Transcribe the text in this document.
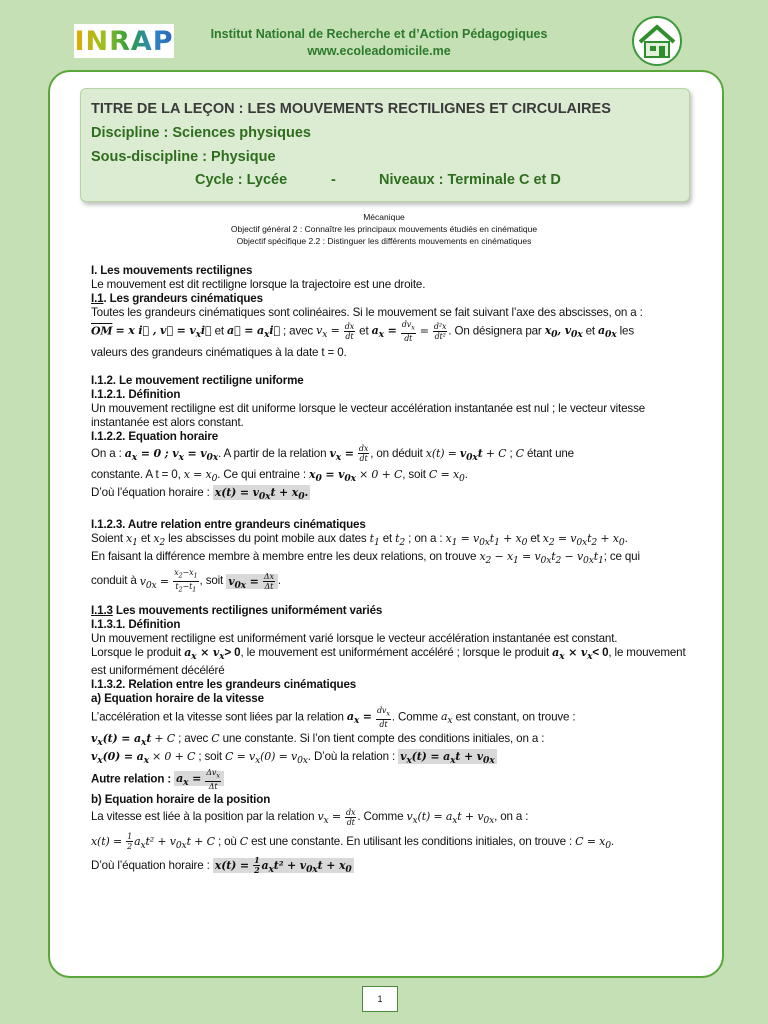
INRAP	Institut National de Recherche et d’Action Pédagogiques
www.ecoleadomicile.me
TITRE DE LA LEÇON : LES MOUVEMENTS RECTILIGNES ET CIRCULAIRES
Discipline : Sciences physiques
Sous-discipline : Physique
Cycle : Lycée	-	Niveaux : Terminale C et D
Mécanique
Objectif général 2 : Connaître les principaux mouvements étudiés en cinématique
Objectif spécifique 2.2 : Distinguer les différents mouvements en cinématiques

I. Les mouvements rectilignes

Le mouvement est dit rectiligne lorsque la trajectoire est une droite.

I.1. Les grandeurs cinématiques

Toutes les grandeurs cinématiques sont colinéaires. Si le mouvement se fait suivant l’axe des abscisses, on a :

$\overline{OM} = x$ i⃗ , v⃗ = $v_xi⃗$ et a⃗ = $a_xi⃗$ ; avec $v_x = \frac{dx}{dt}$ et $a_x = \frac{dv_x}{dt} = \frac{\text{d²x}}{\text{dt²}}$ . On désignera par $x_0$, $v_{0x}$ et $a_{0x}$ les

valeurs des grandeurs cinématiques à la date t = 0.

I.1.2. Le mouvement rectiligne uniforme

I.1.2.1. Définition

Un mouvement rectiligne est dit uniforme lorsque le vecteur accélération instantanée est nul ; le vecteur vitesse instantanée est alors constant.

I.1.2.2. Equation horaire

On a : $a_x = 0$ ; $v_x = v_{0x}$. A partir de la relation $v_x = \frac{dx}{dt}$ , on déduit $x(t) = v_{0x}t + C$ ; C étant une

constante. A t = 0, $x = x_0$. Ce qui entraine : $x_0 = v_{0x} \times 0 + C$, soit $C = x_0$.

D’où l’équation horaire : $x(t) = v_{0x}t + x_0$.

I.1.2.3. Autre relation entre grandeurs cinématiques

Soient $x_1$ et $x_2$ les abscisses du point mobile aux dates $t_1$ et $t_2$ ; on a : $x_1 = v_{0x}t_1 + x_0$ et $x_2 = v_{0x}t_2 + x_0$.

En faisant la différence membre à membre entre les deux relations, on trouve $x_2 - x_1 = v_{0x}t_2 - v_{0x}t_1$; ce qui

conduit à $v_{0x} = \frac{x_2-x_1}{t_2-t_1}$ , soit $v_{0x} = \frac{\Delta x}{\Delta t}$ .

I.1.3 Les mouvements rectilignes uniformément variés

I.1.3.1. Définition

Un mouvement rectiligne est uniformément varié lorsque le vecteur accélération instantanée est constant.

Lorsque le produit $a_x \times v_x> 0$, le mouvement est uniformément accéléré ; lorsque le produit $a_x \times v_x< 0$, le mouvement est uniformément décéléré

I.1.3.2. Relation entre les grandeurs cinématiques

a) Equation horaire de la vitesse

L’accélération et la vitesse sont liées par la relation $a_x = \frac{dv_x}{dt}$ . Comme $a_x$ est constant, on trouve :

$v_x(t) = a_xt + C$ ; avec C une constante. Si l’on tient compte des conditions initiales, on a :

$v_x(0) = a_x \times 0 + C$ ; soit $C = v_x(0) = v_{0x}$. D’où la relation : $v_x(t) = a_xt + v_{0x}$

Autre relation : $a_x = \frac{\Delta v_x}{\Delta t}$

b) Equation horaire de la position

La vitesse est liée à la position par la relation $v_x = \frac{dx}{dt}$ . Comme $v_x(t) = a_xt + v_{0x}$, on a :

$x(t) = \frac{1}{2} a_xt^2 + v_{0x}t + C$ ; où C est une constante. En utilisant les conditions initiales, on trouve : $C = x_0$.

D’où l’équation horaire : $x(t) = \frac{1}{2} a_xt^2 + v_{0x}t + x_0$

1
